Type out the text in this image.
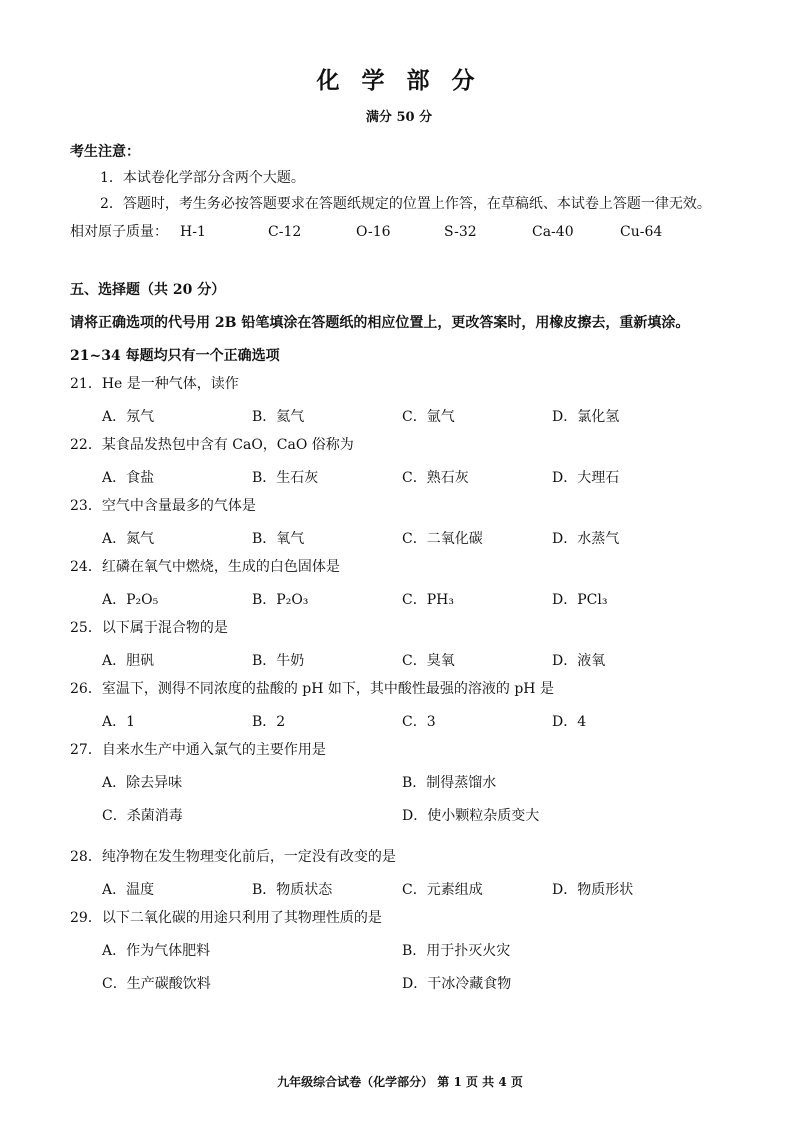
化 学 部 分
满分 50 分
考生注意：
1．本试卷化学部分含两个大题。
2．答题时，考生务必按答题要求在答题纸规定的位置上作答，在草稿纸、本试卷上答题一律无效。
相对原子质量： H-1	C-12	O-16	S-32	Ca-40	Cu-64
五、选择题（共 20 分）
请将正确选项的代号用 2B 铅笔填涂在答题纸的相应位置上，更改答案时，用橡皮擦去，重新填涂。
21~34 每题均只有一个正确选项
21．He 是一种气体，读作
A．氖气	B．氦气	C．氩气	D．氯化氢
22．某食品发热包中含有 CaO，CaO 俗称为
A．食盐	B．生石灰	C．熟石灰	D．大理石
23．空气中含量最多的气体是
A．氮气	B．氧气	C．二氧化碳	D．水蒸气
24．红磷在氧气中燃烧，生成的白色固体是
A．P₂O₅	B．P₂O₃	C．PH₃	D．PCl₃
25．以下属于混合物的是
A．胆矾	B．牛奶	C．臭氧	D．液氧
26．室温下，测得不同浓度的盐酸的 pH 如下，其中酸性最强的溶液的 pH 是
A．1	B．2	C．3	D．4
27．自来水生产中通入氯气的主要作用是
A．除去异味	B．制得蒸馏水
C．杀菌消毒	D．使小颗粒杂质变大
28．纯净物在发生物理变化前后，一定没有改变的是
A．温度	B．物质状态	C．元素组成	D．物质形状
29．以下二氧化碳的用途只利用了其物理性质的是
A．作为气体肥料	B．用于扑灭火灾
C．生产碳酸饮料	D．干冰冷藏食物
九年级综合试卷（化学部分） 第 1 页 共 4 页
